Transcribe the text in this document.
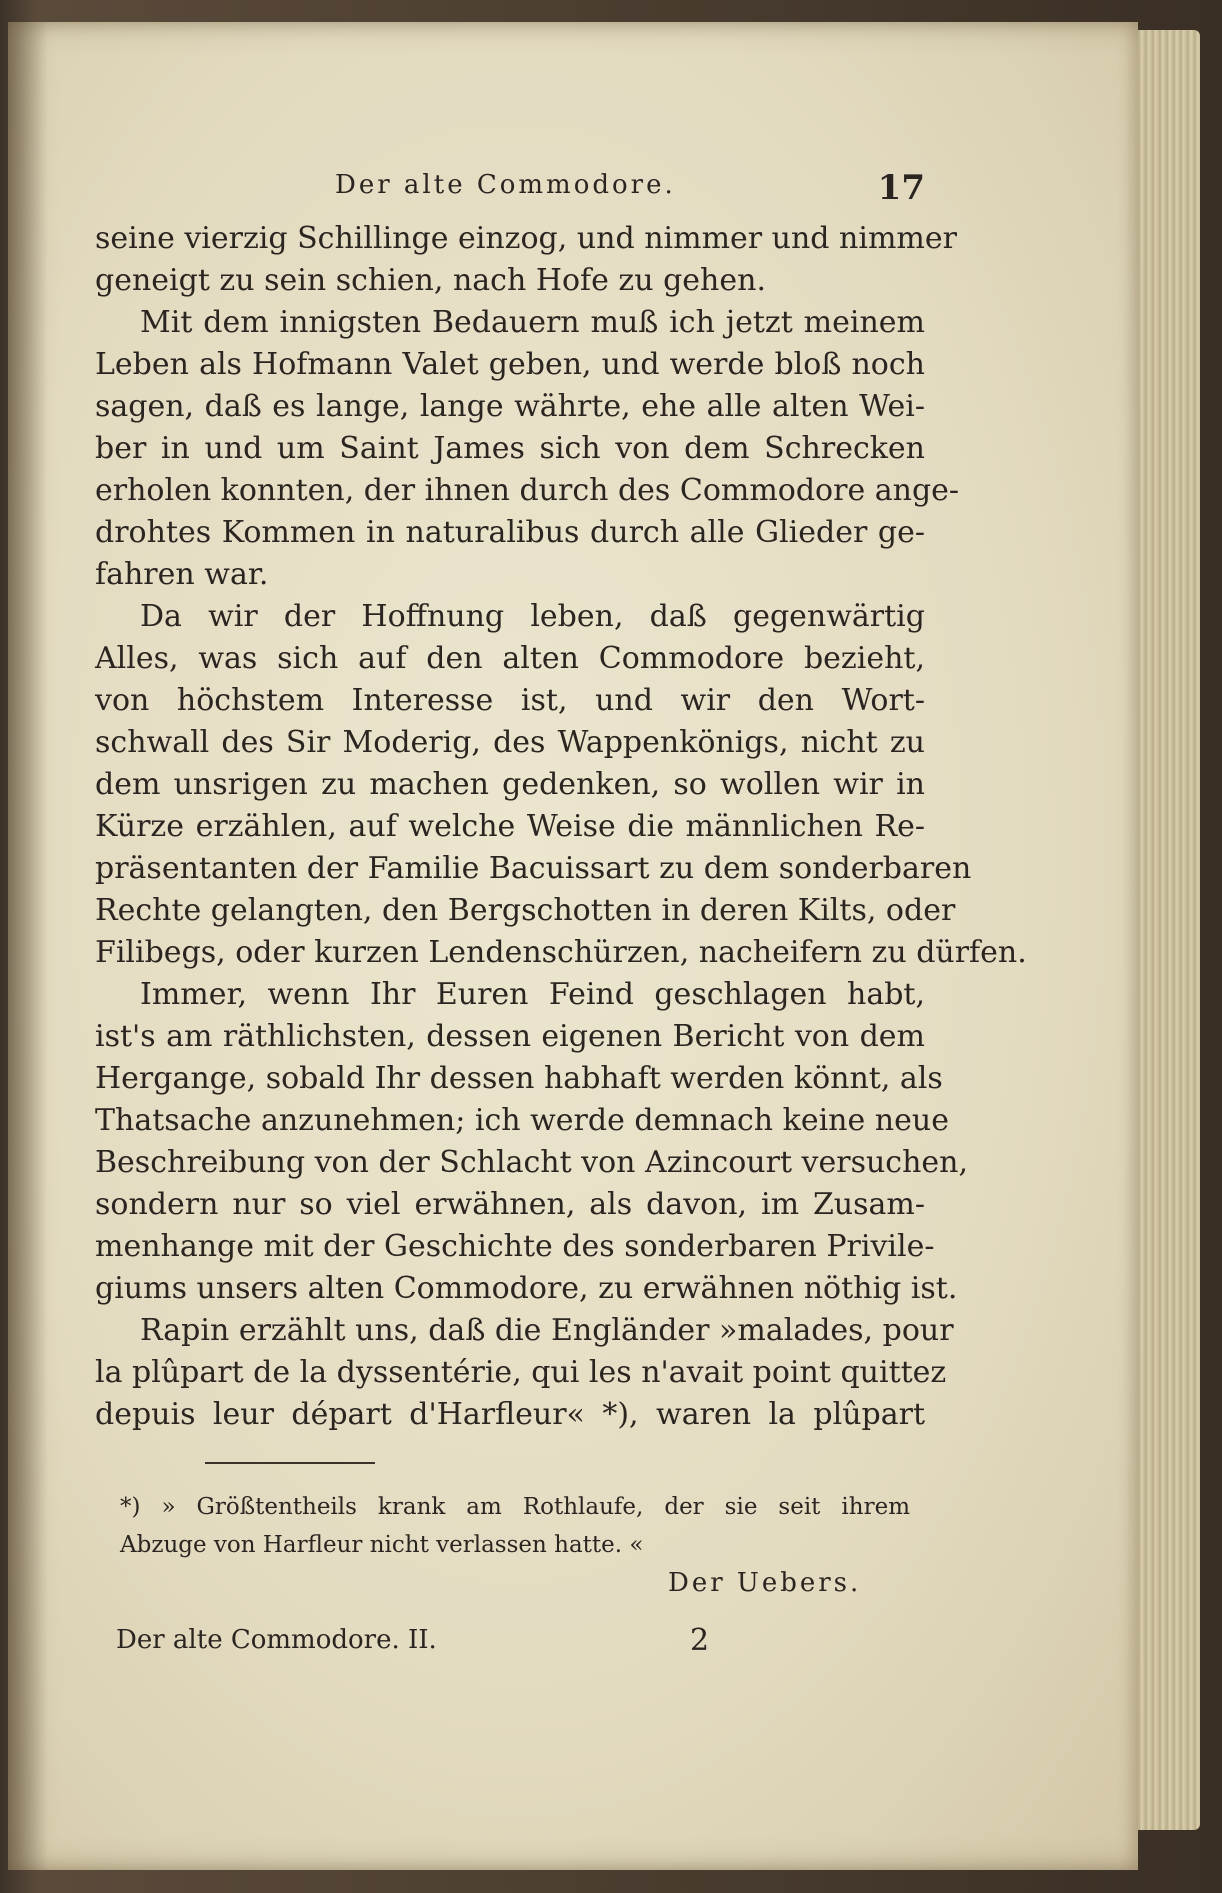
Der alte Commodore.	17
seine vierzig Schillinge einzog, und nimmer und nimmer
geneigt zu sein schien, nach Hofe zu gehen.
Mit dem innigsten Bedauern muß ich jetzt meinem
Leben als Hofmann Valet geben, und werde bloß noch
sagen, daß es lange, lange währte, ehe alle alten Wei-
ber in und um Saint James sich von dem Schrecken
erholen konnten, der ihnen durch des Commodore ange-
drohtes Kommen in naturalibus durch alle Glieder ge-
fahren war.
Da wir der Hoffnung leben, daß gegenwärtig
Alles, was sich auf den alten Commodore bezieht,
von höchstem Interesse ist, und wir den Wort-
schwall des Sir Moderig, des Wappenkönigs, nicht zu
dem unsrigen zu machen gedenken, so wollen wir in
Kürze erzählen, auf welche Weise die männlichen Re-
präsentanten der Familie Bacuissart zu dem sonderbaren
Rechte gelangten, den Bergschotten in deren Kilts, oder
Filibegs, oder kurzen Lendenschürzen, nacheifern zu dürfen.
Immer, wenn Ihr Euren Feind geschlagen habt,
ist's am räthlichsten, dessen eigenen Bericht von dem
Hergange, sobald Ihr dessen habhaft werden könnt, als
Thatsache anzunehmen; ich werde demnach keine neue
Beschreibung von der Schlacht von Azincourt versuchen,
sondern nur so viel erwähnen, als davon, im Zusam-
menhange mit der Geschichte des sonderbaren Privile-
giums unsers alten Commodore, zu erwähnen nöthig ist.
Rapin erzählt uns, daß die Engländer »malades, pour
la plûpart de la dyssentérie, qui les n'avait point quittez
depuis leur départ d'Harfleur« *), waren la plûpart
*) » Größtentheils krank am Rothlaufe, der sie seit ihrem
Abzuge von Harfleur nicht verlassen hatte. «
Der Uebers.
Der alte Commodore. II.	2
